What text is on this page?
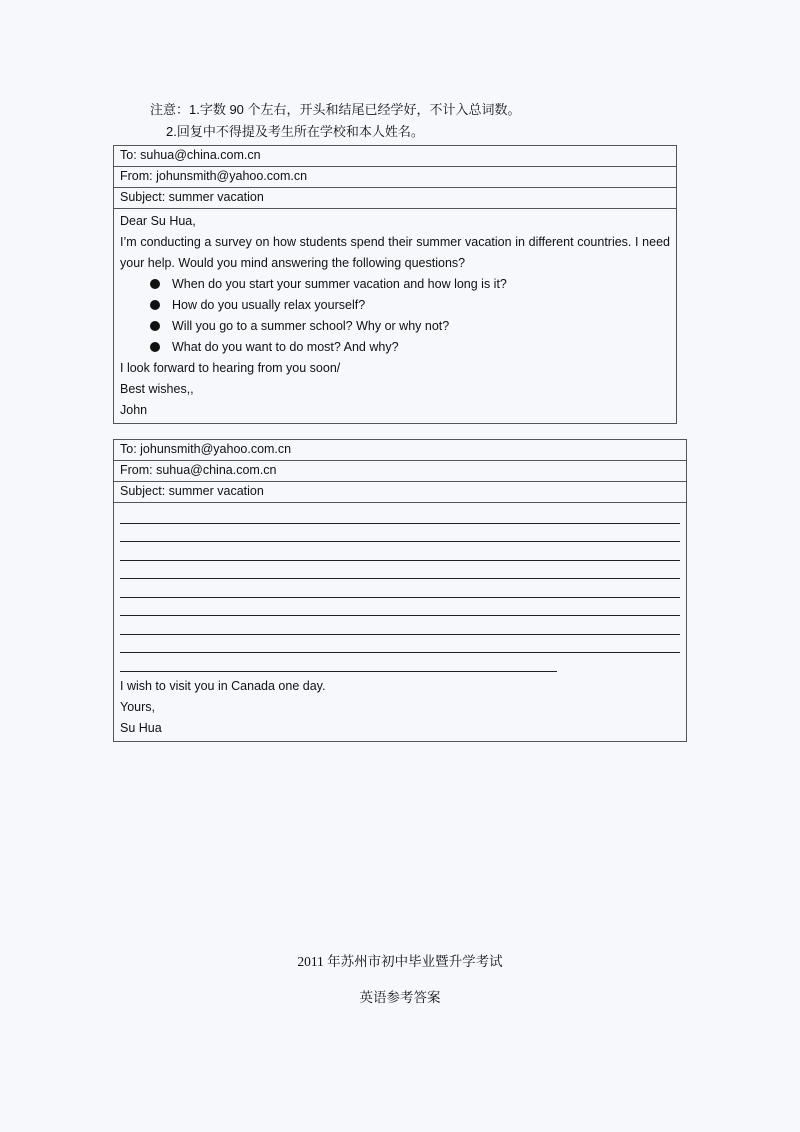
注意：1.字数 90 个左右，开头和结尾已经学好，不计入总词数。
2.回复中不得提及考生所在学校和本人姓名。
To: suhua@china.com.cn
From: johunsmith@yahoo.com.cn
Subject: summer vacation

Dear Su Hua,
I’m conducting a survey on how students spend their summer vacation in different countries. I need your help. Would you mind answering the following questions?
When do you start your summer vacation and how long is it?
How do you usually relax yourself?
Will you go to a summer school? Why or why not?
What do you want to do most? And why?
I look forward to hearing from you soon/
Best wishes,,
John
To: johunsmith@yahoo.com.cn
From: suhua@china.com.cn
Subject: summer vacation

I wish to visit you in Canada one day.
Yours,
Su Hua
2011 年苏州市初中毕业暨升学考试
英语参考答案
